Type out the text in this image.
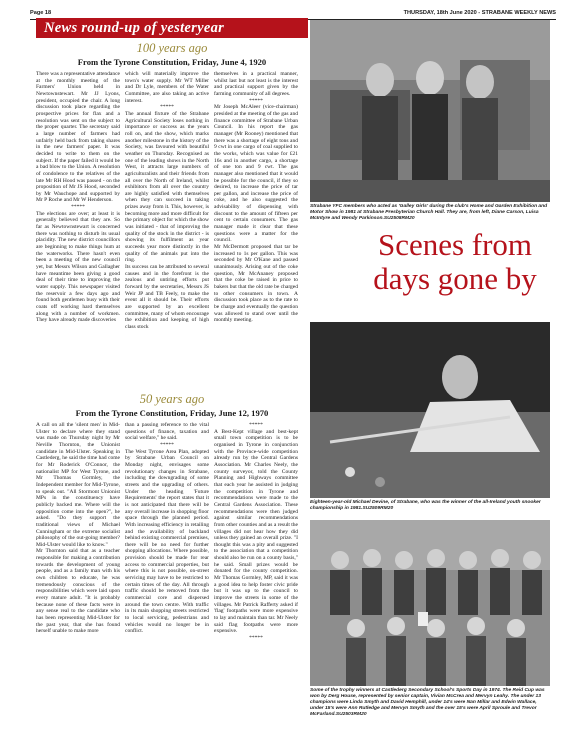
Page 18	THURSDAY, 18th June 2020 - STRABANE WEEKLY NEWS
News round-up of yesteryear
100 years ago
From the Tyrone Constitution, Friday, June 4, 1920

There was a representative attendance at the monthly meeting of the Farmers' Union held in Newtownstewart. Mr JJ Lyons, president, occupied the chair. A long discussion took place regarding the prospective prices for flax and a resolution was sent on the subject to the proper quarter. The secretary said a large number of farmers had unfairly held back from taking shares in the new farmers' paper. It was decided to write to them on the subject. If the paper failed it would be a bad blow to the Union. A resolution of condolence to the relatives of the late Mr RH Hood was passed - on the proposition of Mr JS Hood, seconded by Mr Wauchope and supported by Mr P Roche and Mr W Henderson.

*****

The elections are over; at least it is generally believed that they are. So far as Newtownstewart is concerned there was nothing to disturb its usual placidity. The new district councillors are beginning to make things hum at the waterworks. There hasn't even been a meeting of the new council yet, but Messrs Wilson and Gallagher have meantime been giving a good deal of their time to improving the water supply. This newspaper visited the reservoir a few days ago and found both gentlemen busy with their coats off working hard themselves along with a number of workmen. They have already made discoveries

which will materially improve the town's water supply. Mr WT Miller and Dr Lyle, members of the Water Committee, are also taking an active interest.

*****

The annual fixture of the Strabane Agricultural Society loses nothing in importance or success as the years roll on, and the show, which marks another milestone in the history of the Society, was favoured with beautiful weather on Thursday. Recognised as one of the leading shows in the North West, it attracts large numbers of agriculturalists and their friends from all over the North of Ireland, whilst exhibitors from all over the country are highly satisfied with themselves when they can succeed in taking prizes away from it. This, however, is becoming more and more difficult for the primary object for which the show was initiated - that of improving the quality of the stock in the district - is showing its fulfilment as year succeeds year more distinctly in the quality of the animals put into the ring.

Its success can be attributed to several causes and in the forefront is the zealous and untiring efforts put forward by the secretaries, Messrs JS Weir JP and TB Feely, to make the event all it should be. Their efforts are supported by an excellent committee, many of whom encourage the exhibition and keeping of high class stock

themselves in a practical manner, whilst last but not least is the interest and practical support given by the farming community of all degrees.

*****

Mr Joseph McAleer (vice-chairman) presided at the meeting of the gas and finance committee of Strabane Urban Council. In his report the gas manager (Mr Rooney) mentioned that there was a shortage of eight tons and 9 cwt in one cargo of coal supplied to the works, which was value for £21 16s and in another cargo, a shortage of one ton and 9 cwt. The gas manager also mentioned that it would be possible for the council, if they so desired, to increase the price of tar per gallon, and increase the price of coke, and he also suggested the advisability of dispensing with discount to the amount of fifteen per cent to certain consumers. The gas manager made it clear that these questions were a matter for the council.

Mr McDermott proposed that tar be increased to 1s per gallon. This was seconded by Mr O'Kane and passed unanimously. Arising out of the coke question, Mr McAnaney proposed that the coke be raised in price to bakers but that the old rate be charged to other consumers in town. A discussion took place as to the rate to be charge and eventually the question was allowed to stand over until the monthly meeting.

50 years ago
From the Tyrone Constitution, Friday, June 12, 1970

A call on all the 'silent men' in Mid-Ulster to declare where they stand was made on Thursday night by Mr Neville Thornton, the Unionist candidate in Mid-Ulster. Speaking in Castlederg, he said the time had come for Mr Roderick O'Connor, the nationalist MP for West Tyrone, and Mr Thomas Gormley, the Independent member for Mid-Tyrone, to speak out. "All Stormont Unionist MPs in the constituency have publicly backed me. Where will the opposition come into the open?", he asked. "Do they support the traditional views of Michael Cunningham or the extreme socialist philosophy of the out-going member? Mid-Ulster would like to know."

Mr Thornton said that as a teacher responsible for making a contribution towards the development of young people, and as a family man with his own children to educate, he was tremendously conscious of the responsibilities which were laid upon every mature adult. "It is probably because none of these facts were in any sense real to the candidate who has been representing Mid-Ulster for the past year, that she has found herself unable to make more

than a passing reference to the vital questions of finance, taxation and social welfare," he said.

*****

The West Tyrone Area Plan, adopted by Strabane Urban Council on Monday night, envisages some revolutionary changes in Strabane, including the downgrading of some streets and the upgrading of others. Under the heading 'Future Requirements' the report states that it is not anticipated that there will be any overall increase in shopping floor space through the planned period. With increasing efficiency in retailing and the availability of backland behind existing commercial premises, there will be no need for further shopping allocations. Where possible, provision should be made for rear access to commercial properties, but where this is not possible, on-street servicing may have to be restricted to certain times of the day. All through traffic should be removed from the commercial core and dispersed around the town centre. With traffic in its main shopping streets restricted to local servicing, pedestrians and vehicles would no longer be in conflict.

*****

A Best-Kept village and best-kept small town competition is to be organised in Tyrone in conjunction with the Province-wide competition already run by the Central Gardens Association. Mr Charles Neely, the county surveyor, told the County Planning and Highways committee that each year he assisted in judging the competition in Tyrone and recommendations were made to the Central Gardens Association. These recommendations were then judged against similar recommendations from other counties and as a result the villages did not hear how they did unless they gained an overall prize. "I thought this was a pity and suggested to the association that a competition should also be run on a county basis," he said. Small prizes would be donated for the county competition. Mr Thomas Gormley, MP, said it was a good idea to help foster civic pride but it was up to the council to improve the streets in some of the villages. Mr Patrick Rafferty asked if 'flag' footpaths were more expensive to lay and maintain than tar. Mr Neely said flag footpaths were more expensive.

*****

Strabane YFC members who acted as 'Galley Girls' during the club's Home and Garden Exhibition and Motor Show in 1981 at Strabane Presbyterian Church Hall. They are, from left, Diane Carson, Luisa McIntyre and Wendy Parkinson.SU2508RM20
Scenes from days gone by
Eighteen-year-old Michael Devine, of Strabane, who was the winner of the all-Ireland youth snooker championship in 1981.SU2509RM20
Some of the trophy winners at Castlederg Secondary School's Sports Day in 1974. The Reid Cup was won by Derg House, represented by senior captain, Vivian McCrea and Mervyn Leahy. The under 13 champions were Linda Smyth and David Hemphill, under 14's were Nan Millar and Edwin Wallace, under 15's were Ann Rutledge and Mervyn Smyth and the over 15's were April Sproule and Trevor McFarland.SU2503RM20
